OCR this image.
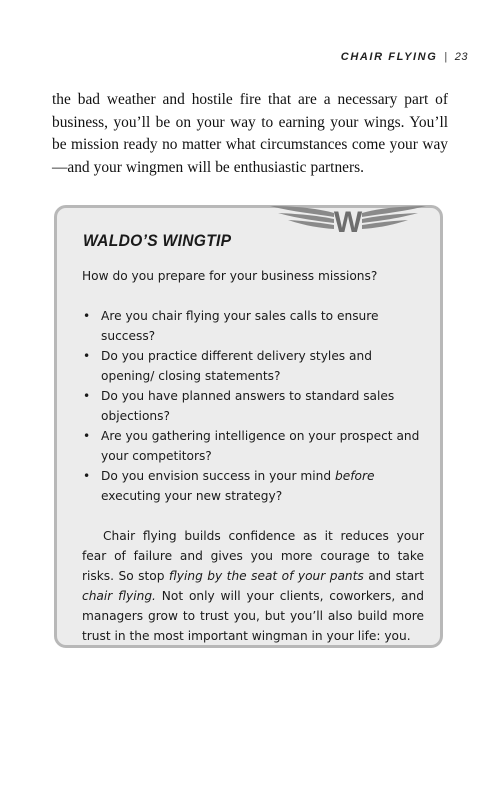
CHAIR FLYING | 23

the bad weather and hostile fire that are a necessary part of business, you’ll be on your way to earning your wings. You’ll be mission ready no matter what circumstances come your way—and your wingmen will be enthusiastic partners.

W
WALDO’S WINGTIP

How do you prepare for your business missions?

• Are you chair flying your sales calls to ensure success?
• Do you practice different delivery styles and opening/ closing statements?
• Do you have planned answers to standard sales objections?
• Are you gathering intelligence on your prospect and your competitors?
• Do you envision success in your mind before executing your new strategy?

Chair flying builds confidence as it reduces your fear of failure and gives you more courage to take risks. So stop flying by the seat of your pants and start chair flying. Not only will your clients, coworkers, and managers grow to trust you, but you’ll also build more trust in the most important wingman in your life: you.
